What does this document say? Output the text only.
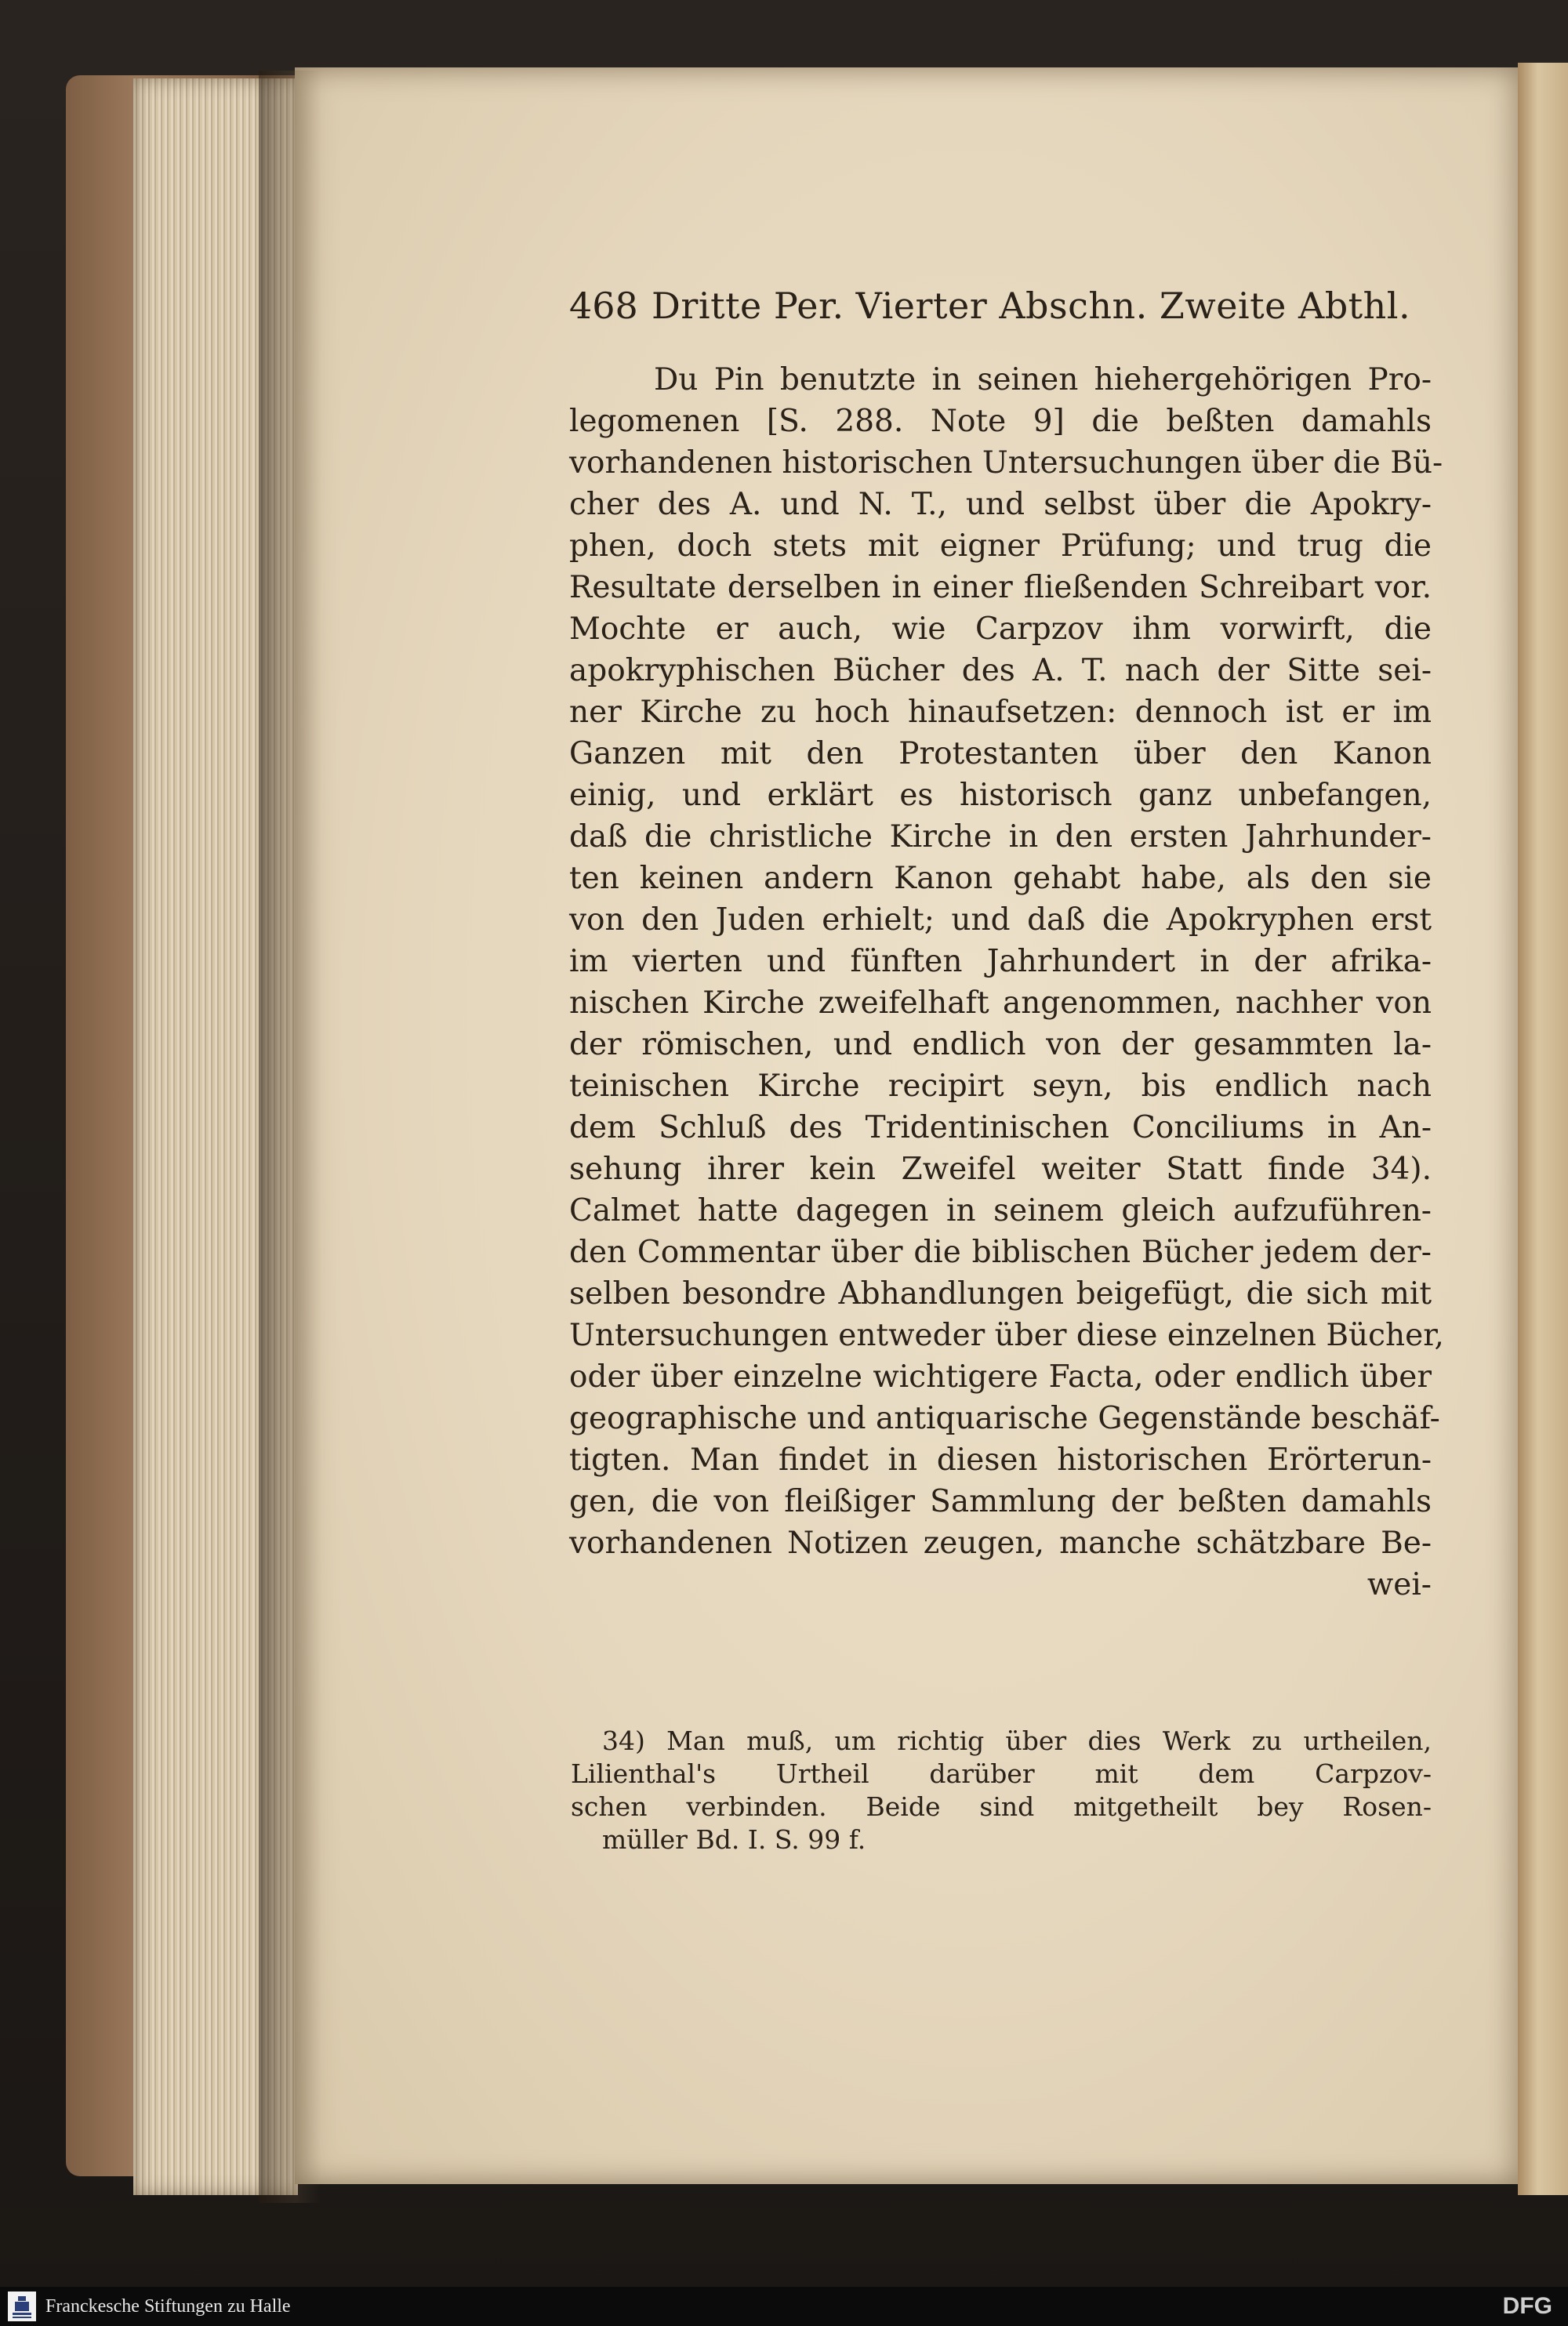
468 Dritte Per. Vierter Abschn. Zweite Abthl.
Du Pin benutzte in seinen hiehergehörigen Pro-
legomenen [S. 288. Note 9] die beßten damahls
vorhandenen historischen Untersuchungen über die Bü-
cher des A. und N. T., und selbst über die Apokry-
phen, doch stets mit eigner Prüfung; und trug die
Resultate derselben in einer fließenden Schreibart vor.
Mochte er auch, wie Carpzov ihm vorwirft, die
apokryphischen Bücher des A. T. nach der Sitte sei-
ner Kirche zu hoch hinaufsetzen: dennoch ist er im
Ganzen mit den Protestanten über den Kanon
einig, und erklärt es historisch ganz unbefangen,
daß die christliche Kirche in den ersten Jahrhunder-
ten keinen andern Kanon gehabt habe, als den sie
von den Juden erhielt; und daß die Apokryphen erst
im vierten und fünften Jahrhundert in der afrika-
nischen Kirche zweifelhaft angenommen, nachher von
der römischen, und endlich von der gesammten la-
teinischen Kirche recipirt seyn, bis endlich nach
dem Schluß des Tridentinischen Conciliums in An-
sehung ihrer kein Zweifel weiter Statt finde 34).
Calmet hatte dagegen in seinem gleich aufzuführen-
den Commentar über die biblischen Bücher jedem der-
selben besondre Abhandlungen beigefügt, die sich mit
Untersuchungen entweder über diese einzelnen Bücher,
oder über einzelne wichtigere Facta, oder endlich über
geographische und antiquarische Gegenstände beschäf-
tigten. Man findet in diesen historischen Erörterun-
gen, die von fleißiger Sammlung der beßten damahls
vorhandenen Notizen zeugen, manche schätzbare Be-
wei-
34) Man muß, um richtig über dies Werk zu urtheilen,
Lilienthal's Urtheil darüber mit dem Carpzov-
schen verbinden. Beide sind mitgetheilt bey Rosen-
müller Bd. I. S. 99 f.
Franckesche Stiftungen zu Halle	DFG
